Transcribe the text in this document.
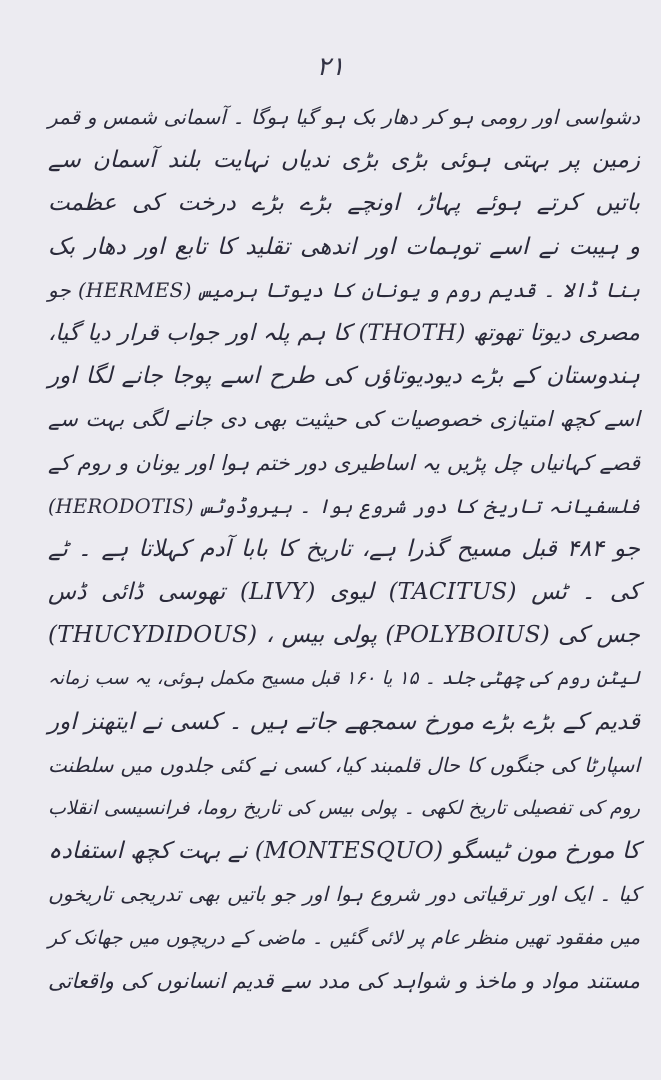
۲۱
دشواسی اور رومی ہو کر دھار بک ہو گیا ہوگا ۔ آسمانی شمس و قمر
زمین پر بہتی ہوئی بڑی بڑی ندیاں نہایت بلند آسمان سے
باتیں کرتے ہوئے پہاڑ، اونچے بڑے بڑے درخت کی عظمت
و ہیبت نے اسے توہمات اور اندھی تقلید کا تابع اور دھار بک
بنا ڈالا ۔ قدیم روم و یونان کا دیوتا ہرمیس (HERMES) جو
مصری دیوتا تھوتھ (THOTH) کا ہم پلہ اور جواب قرار دیا گیا،
ہندوستان کے بڑے دیودیوتاؤں کی طرح اسے پوجا جانے لگا اور
اسے کچھ امتیازی خصوصیات کی حیثیت بھی دی جانے لگی بہت سے
قصے کہانیاں چل پڑیں یہ اساطیری دور ختم ہوا اور یونان و روم کے
فلسفیانہ تاریخ کا دور شروع ہوا ۔ ہیروڈوٹس (HERODOTIS)
جو ۴۸۴ قبل مسیح گذرا ہے، تاریخ کا بابا آدم کہلاتا ہے ۔ ٹے
کی ۔ ٹس (TACITUS) لیوی (LIVY) تھوسی ڈائی ڈس
(THUCYDIDOUS) ، پولی بیس (POLYBOIUS) جس کی
لیٹن روم کی چھٹی جلد ۔ ۱۵ یا ۱۶۰ قبل مسیح مکمل ہوئی، یہ سب زمانہ
قدیم کے بڑے بڑے مورخ سمجھے جاتے ہیں ۔ کسی نے ایتھنز اور
اسپارٹا کی جنگوں کا حال قلمبند کیا، کسی نے کئی جلدوں میں سلطنت
روم کی تفصیلی تاریخ لکھی ۔ پولی بیس کی تاریخ روما، فرانسیسی انقلاب
کا مورخ مون ٹیسگو (MONTESQUO) نے بہت کچھ استفادہ
کیا ۔ ایک اور ترقیاتی دور شروع ہوا اور جو باتیں بھی تدریجی تاریخوں
میں مفقود تھیں منظر عام پر لائی گئیں ۔ ماضی کے دریچوں میں جھانک کر
مستند مواد و ماخذ و شواہد کی مدد سے قدیم انسانوں کی واقعاتی
